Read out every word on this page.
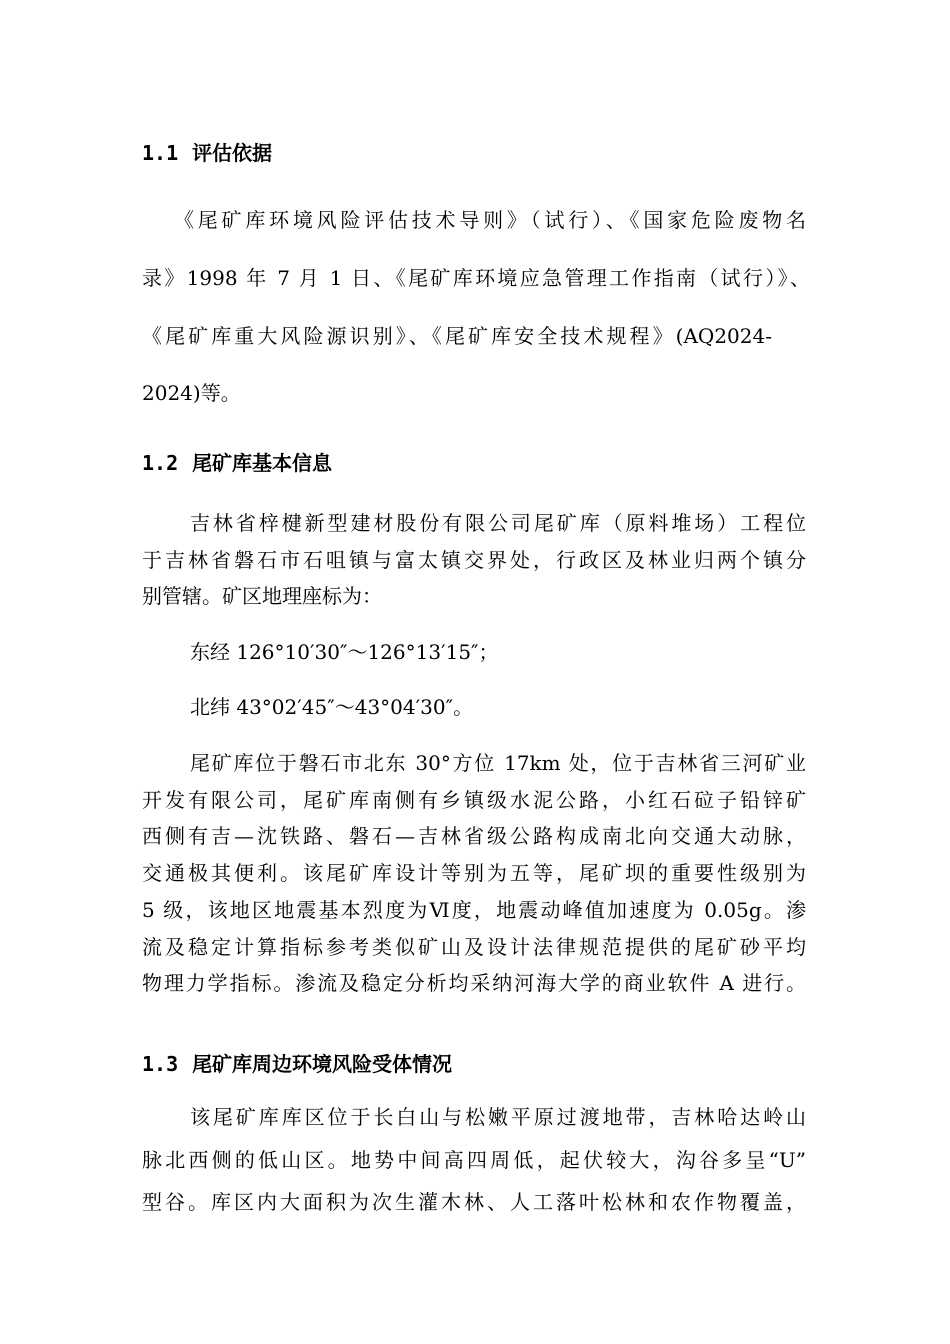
1.1 评估依据

《尾矿库环境风险评估技术导则》（试行）、《国家危险废物名

录》1998 年 7 月 1 日、《尾矿库环境应急管理工作指南（试行）》、

《尾矿库重大风险源识别》、《尾矿库安全技术规程》(AQ2024-

2024)等。

1.2 尾矿库基本信息

吉林省梓楗新型建材股份有限公司尾矿库（原料堆场）工程位

于吉林省磐石市石咀镇与富太镇交界处，行政区及林业归两个镇分

别管辖。矿区地理座标为：

东经 126°10′30″～126°13′15″；

北纬 43°02′45″～43°04′30″。

尾矿库位于磐石市北东 30°方位 17km 处，位于吉林省三河矿业

开发有限公司，尾矿库南侧有乡镇级水泥公路，小红石砬子铅锌矿

西侧有吉—沈铁路、磐石—吉林省级公路构成南北向交通大动脉，

交通极其便利。该尾矿库设计等别为五等，尾矿坝的重要性级别为

5 级，该地区地震基本烈度为Ⅵ度，地震动峰值加速度为 0.05g。渗

流及稳定计算指标参考类似矿山及设计法律规范提供的尾矿砂平均

物理力学指标。渗流及稳定分析均采纳河海大学的商业软件 A 进行。

1.3 尾矿库周边环境风险受体情况

该尾矿库库区位于长白山与松嫩平原过渡地带，吉林哈达岭山

脉北西侧的低山区。地势中间高四周低，起伏较大，沟谷多呈“U”

型谷。库区内大面积为次生灌木林、人工落叶松林和农作物覆盖，
